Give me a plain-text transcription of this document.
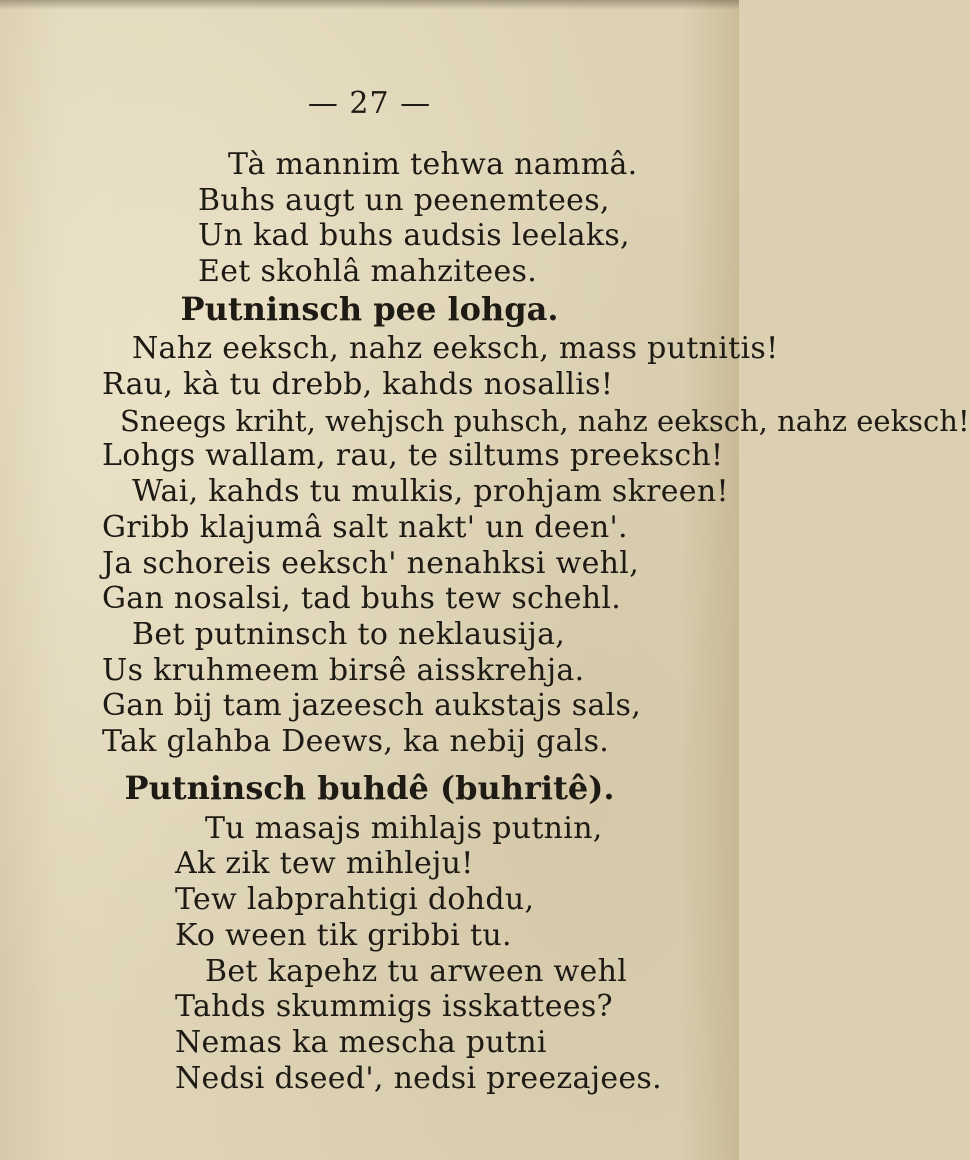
— 27 —
Tà mannim tehwa nammâ.
Buhs augt un peenemtees,
Un kad buhs audsis leelaks,
Eet skohlâ mahzitees.
Putninsch pee lohga.
Nahz eeksch, nahz eeksch, mass putnitis!
Rau, kà tu drebb, kahds nosallis!
Sneegs kriht, wehjsch puhsch, nahz eeksch, nahz eeksch!
Lohgs wallam, rau, te siltums preeksch!
Wai, kahds tu mulkis, prohjam skreen!
Gribb klajumâ salt nakt' un deen'.
Ja schoreis eeksch' nenahksi wehl,
Gan nosalsi, tad buhs tew schehl.
Bet putninsch to neklausija,
Us kruhmeem birsê aisskrehja.
Gan bij tam jazeesch aukstajs sals,
Tak glahba Deews, ka nebij gals.
Putninsch buhdê (buhritê).
Tu masajs mihlajs putnin,
Ak zik tew mihleju!
Tew labprahtigi dohdu,
Ko ween tik gribbi tu.
Bet kapehz tu arween wehl
Tahds skummigs isskattees?
Nemas ka mescha putni
Nedsi dseed', nedsi preezajees.
